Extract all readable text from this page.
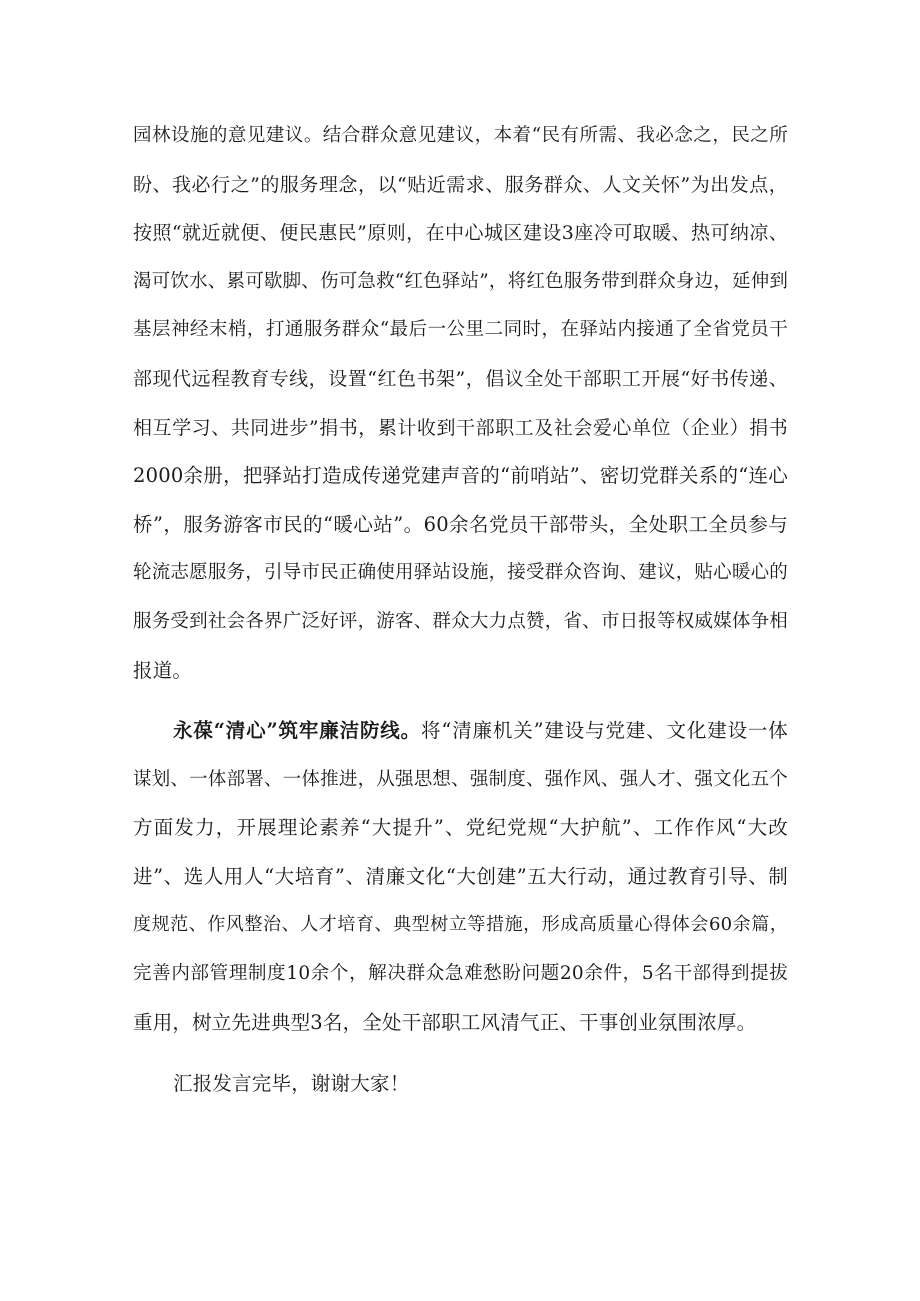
园林设施的意见建议。结合群众意见建议，本着“民有所需、我必念之，民之所
盼、我必行之”的服务理念，以“贴近需求、服务群众、人文关怀”为出发点，
按照“就近就便、便民惠民”原则，在中心城区建设3座冷可取暖、热可纳凉、
渴可饮水、累可歇脚、伤可急救“红色驿站”，将红色服务带到群众身边，延伸到
基层神经末梢，打通服务群众“最后一公里二同时，在驿站内接通了全省党员干
部现代远程教育专线，设置“红色书架”，倡议全处干部职工开展“好书传递、
相互学习、共同进步”捐书，累计收到干部职工及社会爱心单位（企业）捐书
2000余册，把驿站打造成传递党建声音的“前哨站”、密切党群关系的“连心
桥”，服务游客市民的“暖心站”。60余名党员干部带头，全处职工全员参与
轮流志愿服务，引导市民正确使用驿站设施，接受群众咨询、建议，贴心暖心的
服务受到社会各界广泛好评，游客、群众大力点赞，省、市日报等权威媒体争相
报道。
永葆“清心”筑牢廉洁防线。将“清廉机关”建设与党建、文化建设一体
谋划、一体部署、一体推进，从强思想、强制度、强作风、强人才、强文化五个
方面发力，开展理论素养“大提升”、党纪党规“大护航”、工作作风“大改
进”、选人用人“大培育”、清廉文化“大创建”五大行动，通过教育引导、制
度规范、作风整治、人才培育、典型树立等措施，形成高质量心得体会60余篇，
完善内部管理制度10余个，解决群众急难愁盼问题20余件，5名干部得到提拔
重用，树立先进典型3名，全处干部职工风清气正、干事创业氛围浓厚。
汇报发言完毕，谢谢大家！
